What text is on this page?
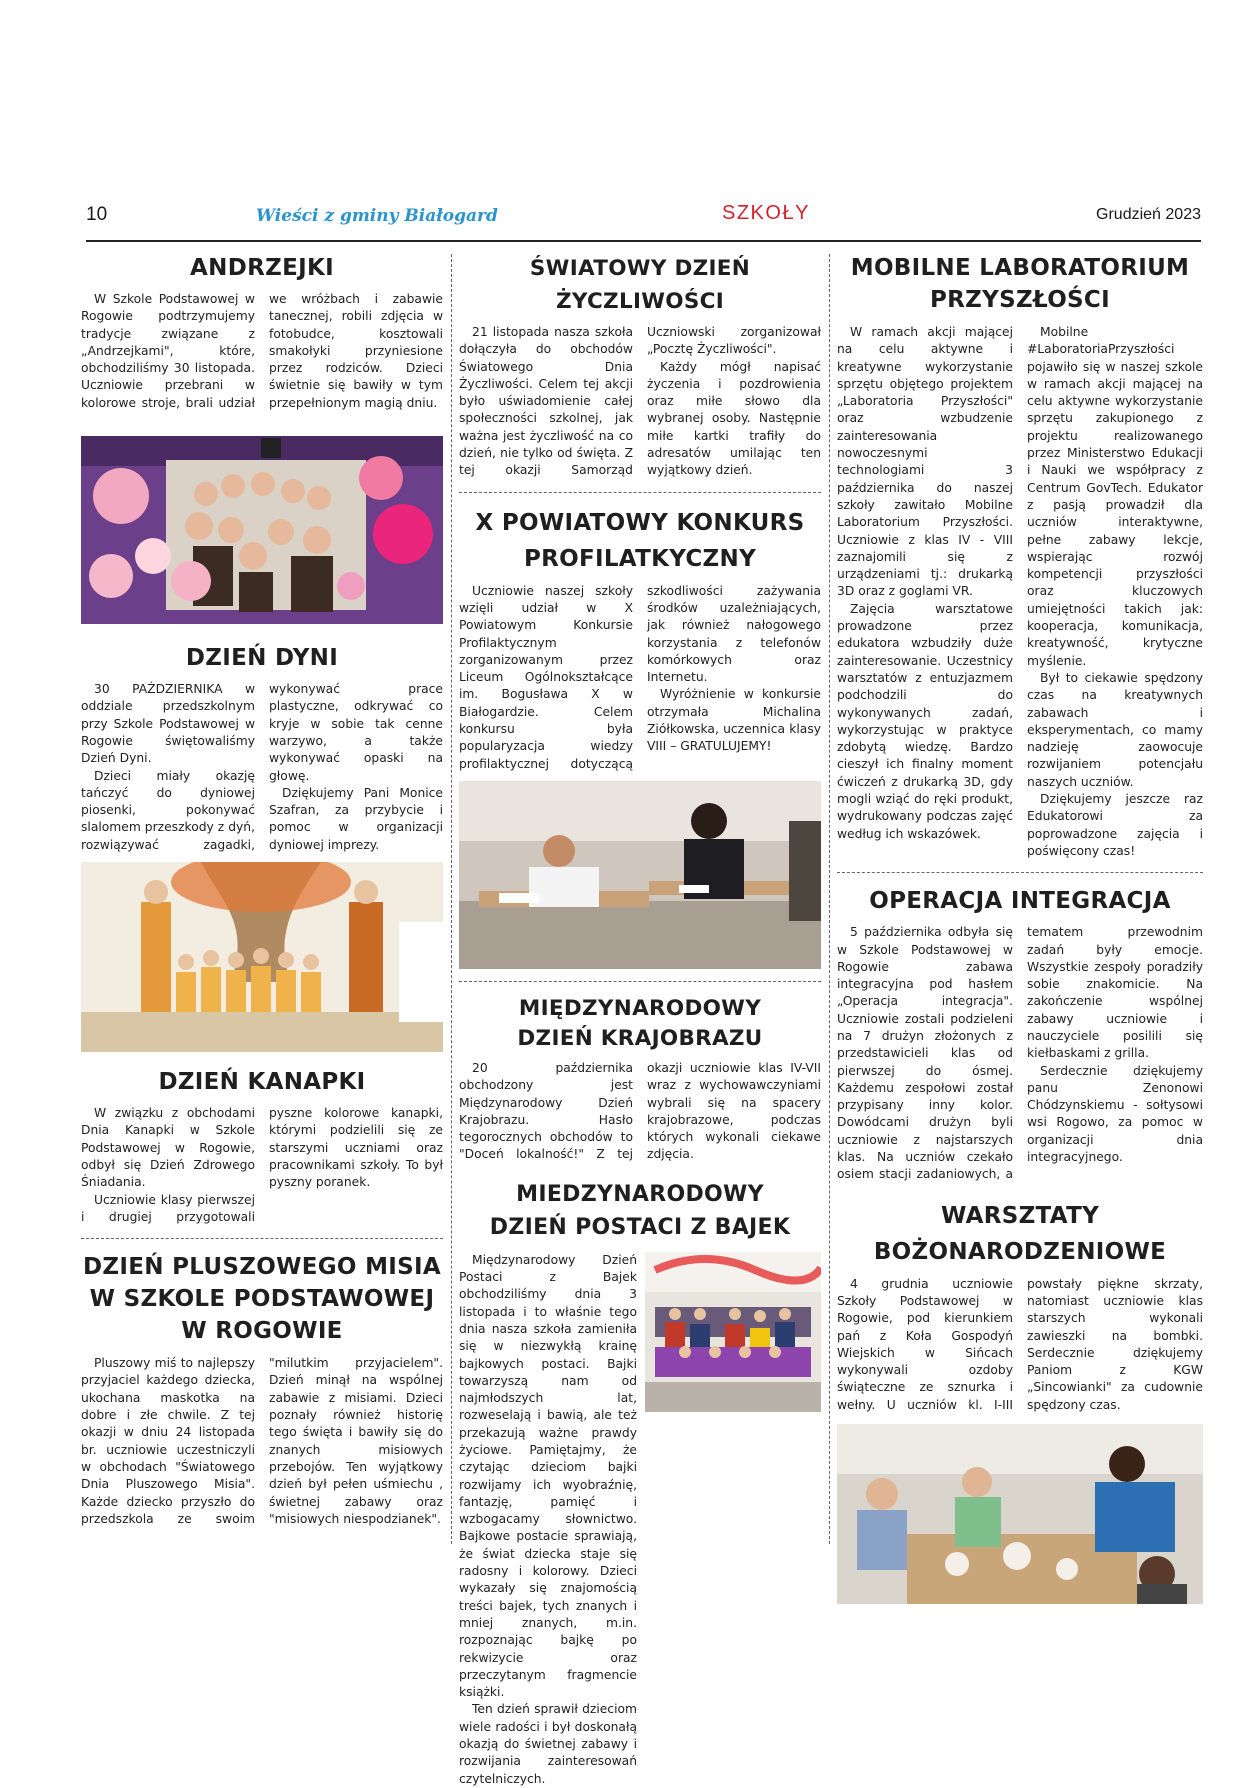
10	Wieści z gminy Białogard	SZKOŁY	Grudzień 2023
ANDRZEJKI

W Szkole Podstawowej w Rogowie podtrzymujemy tradycje związane z „Andrzejkami", które, obchodziliśmy 30 listopada. Uczniowie przebrani w kolorowe stroje, brali udział we wróżbach i zabawie tanecznej, robili zdjęcia w fotobudce, kosztowali smakołyki przyniesione przez rodziców. Dzieci świetnie się bawiły w tym przepełnionym magią dniu.

DZIEŃ DYNI

30 PAŹDZIERNIKA w oddziale przedszkolnym przy Szkole Podstawowej w Rogowie świętowaliśmy Dzień Dyni.

Dzieci miały okazję tańczyć do dyniowej piosenki, pokonywać slalomem przeszkody z dyń, rozwiązywać zagadki, wykonywać prace plastyczne, odkrywać co kryje w sobie tak cenne warzywo, a także wykonywać opaski na głowę.

Dziękujemy Pani Monice Szafran, za przybycie i pomoc w organizacji dyniowej imprezy.

DZIEŃ KANAPKI

W związku z obchodami Dnia Kanapki w Szkole Podstawowej w Rogowie, odbył się Dzień Zdrowego Śniadania.

Uczniowie klasy pierwszej i drugiej przygotowali pyszne kolorowe kanapki, którymi podzielili się ze starszymi uczniami oraz pracownikami szkoły. To był pyszny poranek.

DZIEŃ PLUSZOWEGO MISIA
W SZKOLE PODSTAWOWEJ
W ROGOWIE

Pluszowy miś to najlepszy przyjaciel każdego dziecka, ukochana maskotka na dobre i złe chwile. Z tej okazji w dniu 24 listopada br. uczniowie uczestniczyli w obchodach "Światowego Dnia Pluszowego Misia". Każde dziecko przyszło do przedszkola ze swoim "milutkim przyjacielem". Dzień minął na wspólnej zabawie z misiami. Dzieci poznały również historię tego święta i bawiły się do znanych misiowych przebojów. Ten wyjątkowy dzień był pełen uśmiechu , świetnej zabawy oraz "misiowych niespodzianek".

ŚWIATOWY DZIEŃ ŻYCZLIWOŚCI

21 listopada nasza szkoła dołączyła do obchodów Światowego Dnia Życzliwości. Celem tej akcji było uświadomienie całej społeczności szkolnej, jak ważna jest życzliwość na co dzień, nie tylko od święta. Z tej okazji Samorząd Uczniowski zorganizował „Pocztę Życzliwości".

Każdy mógł napisać życzenia i pozdrowienia oraz miłe słowo dla wybranej osoby. Następnie miłe kartki trafiły do adresatów umilając ten wyjątkowy dzień.

X POWIATOWY KONKURS
PROFILATKYCZNY

Uczniowie naszej szkoły wzięli udział w X Powiatowym Konkursie Profilaktycznym zorganizowanym przez Liceum Ogólnokształcące im. Bogusława X w Białogardzie. Celem konkursu była popularyzacja wiedzy profilaktycznej dotyczącą szkodliwości zażywania środków uzależniających, jak również nałogowego korzystania z telefonów komórkowych oraz Internetu.

Wyróżnienie w konkursie otrzymała Michalina Ziółkowska, uczennica klasy VIII – GRATULUJEMY!

MIĘDZYNARODOWY
DZIEŃ KRAJOBRAZU

20 października obchodzony jest Międzynarodowy Dzień Krajobrazu. Hasło tegorocznych obchodów to "Doceń lokalność!" Z tej okazji uczniowie klas IV-VII wraz z wychowawczyniami wybrali się na spacery krajobrazowe, podczas których wykonali ciekawe zdjęcia.

MIEDZYNARODOWY
DZIEŃ POSTACI Z BAJEK

Międzynarodowy Dzień Postaci z Bajek obchodziliśmy dnia 3 listopada i to właśnie tego dnia nasza szkoła zamieniła się w niezwykłą krainę bajkowych postaci. Bajki towarzyszą nam od najmłodszych lat, rozweselają i bawią, ale też przekazują ważne prawdy życiowe. Pamiętajmy, że czytając dzieciom bajki rozwijamy ich wyobraźnię, fantazję, pamięć i wzbogacamy słownictwo. Bajkowe postacie sprawiają, że świat dziecka staje się radosny i kolorowy. Dzieci wykazały się znajomością treści bajek, tych znanych i mniej znanych, m.in. rozpoznając bajkę po rekwizycie oraz przeczytanym fragmencie książki.

Ten dzień sprawił dzieciom wiele radości i był doskonałą okazją do świetnej zabawy i rozwijania zainteresowań czytelniczych.

MOBILNE LABORATORIUM
PRZYSZŁOŚCI

W ramach akcji mającej na celu aktywne i kreatywne wykorzystanie sprzętu objętego projektem „Laboratoria Przyszłości" oraz wzbudzenie zainteresowania nowoczesnymi technologiami 3 października do naszej szkoły zawitało Mobilne Laboratorium Przyszłości. Uczniowie z klas IV - VIII zaznajomili się z urządzeniami tj.: drukarką 3D oraz z goglami VR.

Zajęcia warsztatowe prowadzone przez edukatora wzbudziły duże zainteresowanie. Uczestnicy warsztatów z entuzjazmem podchodzili do wykonywanych zadań, wykorzystując w praktyce zdobytą wiedzę. Bardzo cieszył ich finalny moment ćwiczeń z drukarką 3D, gdy mogli wziąć do ręki produkt, wydrukowany podczas zajęć według ich wskazówek.

Mobilne #LaboratoriaPrzyszłości pojawiło się w naszej szkole w ramach akcji mającej na celu aktywne wykorzystanie sprzętu zakupionego z projektu realizowanego przez Ministerstwo Edukacji i Nauki we współpracy z Centrum GovTech. Edukator z pasją prowadził dla uczniów interaktywne, pełne zabawy lekcje, wspierając rozwój kompetencji przyszłości oraz kluczowych umiejętności takich jak: kooperacja, komunikacja, kreatywność, krytyczne myślenie.

Był to ciekawie spędzony czas na kreatywnych zabawach i eksperymentach, co mamy nadzieję zaowocuje rozwijaniem potencjału naszych uczniów.

Dziękujemy jeszcze raz Edukatorowi za poprowadzone zajęcia i poświęcony czas!

OPERACJA INTEGRACJA

5 października odbyła się w Szkole Podstawowej w Rogowie zabawa integracyjna pod hasłem „Operacja integracja". Uczniowie zostali podzieleni na 7 drużyn złożonych z przedstawicieli klas od pierwszej do ósmej. Każdemu zespołowi został przypisany inny kolor. Dowódcami drużyn byli uczniowie z najstarszych klas. Na uczniów czekało osiem stacji zadaniowych, a tematem przewodnim zadań były emocje. Wszystkie zespoły poradziły sobie znakomicie. Na zakończenie wspólnej zabawy uczniowie i nauczyciele posilili się kiełbaskami z grilla.

Serdecznie dziękujemy panu Zenonowi Chódzynskiemu - sołtysowi wsi Rogowo, za pomoc w organizacji dnia integracyjnego.

WARSZTATY
BOŻONARODZENIOWE

4 grudnia uczniowie Szkoły Podstawowej w Rogowie, pod kierunkiem pań z Koła Gospodyń Wiejskich w Sińcach wykonywali ozdoby świąteczne ze sznurka i wełny. U uczniów kl. I-III powstały piękne skrzaty, natomiast uczniowie klas starszych wykonali zawieszki na bombki. Serdecznie dziękujemy Paniom z KGW „Sincowianki" za cudownie spędzony czas.
